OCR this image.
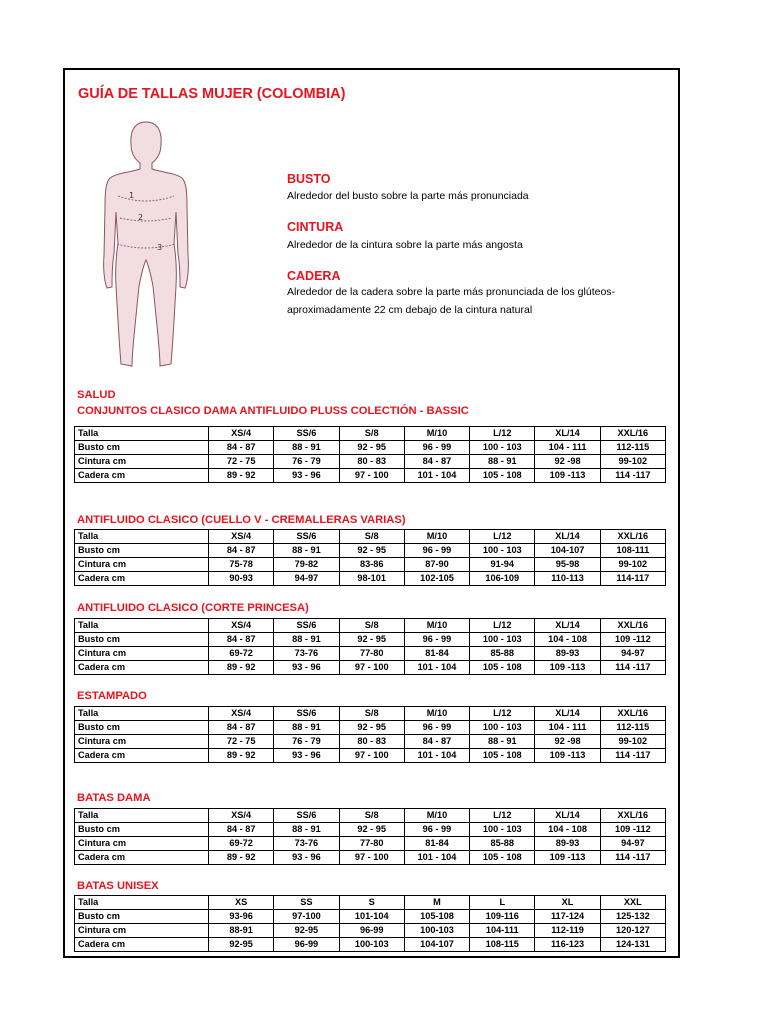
GUÍA DE TALLAS MUJER (COLOMBIA)
1
2
3
BUSTO
Alrededor del busto sobre la parte más pronunciada
CINTURA
Alrededor de la cintura sobre la parte más angosta
CADERA
Alrededor de la cadera sobre la parte más pronunciada de los glúteos-
aproximadamente 22 cm debajo de la cintura natural
SALUD
CONJUNTOS CLASICO DAMA ANTIFLUIDO PLUSS COLECTIÓN - BASSIC
Talla	XS/4	SS/6	S/8	M/10	L/12	XL/14	XXL/16
Busto cm	84 - 87	88 - 91	92 - 95	96 - 99	100 - 103	104 - 111	112-115
Cintura cm	72 - 75	76 - 79	80 - 83	84 - 87	88 - 91	92 -98	99-102
Cadera cm	89 - 92	93 - 96	97 - 100	101 - 104	105 - 108	109 -113	114 -117
ANTIFLUIDO CLASICO (CUELLO V - CREMALLERAS VARIAS)
Talla	XS/4	SS/6	S/8	M/10	L/12	XL/14	XXL/16
Busto cm	84 - 87	88 - 91	92 - 95	96 - 99	100 - 103	104-107	108-111
Cintura cm	75-78	79-82	83-86	87-90	91-94	95-98	99-102
Cadera cm	90-93	94-97	98-101	102-105	106-109	110-113	114-117
ANTIFLUIDO CLASICO (CORTE PRINCESA)
Talla	XS/4	SS/6	S/8	M/10	L/12	XL/14	XXL/16
Busto cm	84 - 87	88 - 91	92 - 95	96 - 99	100 - 103	104 - 108	109 -112
Cintura cm	69-72	73-76	77-80	81-84	85-88	89-93	94-97
Cadera cm	89 - 92	93 - 96	97 - 100	101 - 104	105 - 108	109 -113	114 -117
ESTAMPADO
Talla	XS/4	SS/6	S/8	M/10	L/12	XL/14	XXL/16
Busto cm	84 - 87	88 - 91	92 - 95	96 - 99	100 - 103	104 - 111	112-115
Cintura cm	72 - 75	76 - 79	80 - 83	84 - 87	88 - 91	92 -98	99-102
Cadera cm	89 - 92	93 - 96	97 - 100	101 - 104	105 - 108	109 -113	114 -117
BATAS DAMA
Talla	XS/4	SS/6	S/8	M/10	L/12	XL/14	XXL/16
Busto cm	84 - 87	88 - 91	92 - 95	96 - 99	100 - 103	104 - 108	109 -112
Cintura cm	69-72	73-76	77-80	81-84	85-88	89-93	94-97
Cadera cm	89 - 92	93 - 96	97 - 100	101 - 104	105 - 108	109 -113	114 -117
BATAS UNISEX
Talla	XS	SS	S	M	L	XL	XXL
Busto cm	93-96	97-100	101-104	105-108	109-116	117-124	125-132
Cintura cm	88-91	92-95	96-99	100-103	104-111	112-119	120-127
Cadera cm	92-95	96-99	100-103	104-107	108-115	116-123	124-131
